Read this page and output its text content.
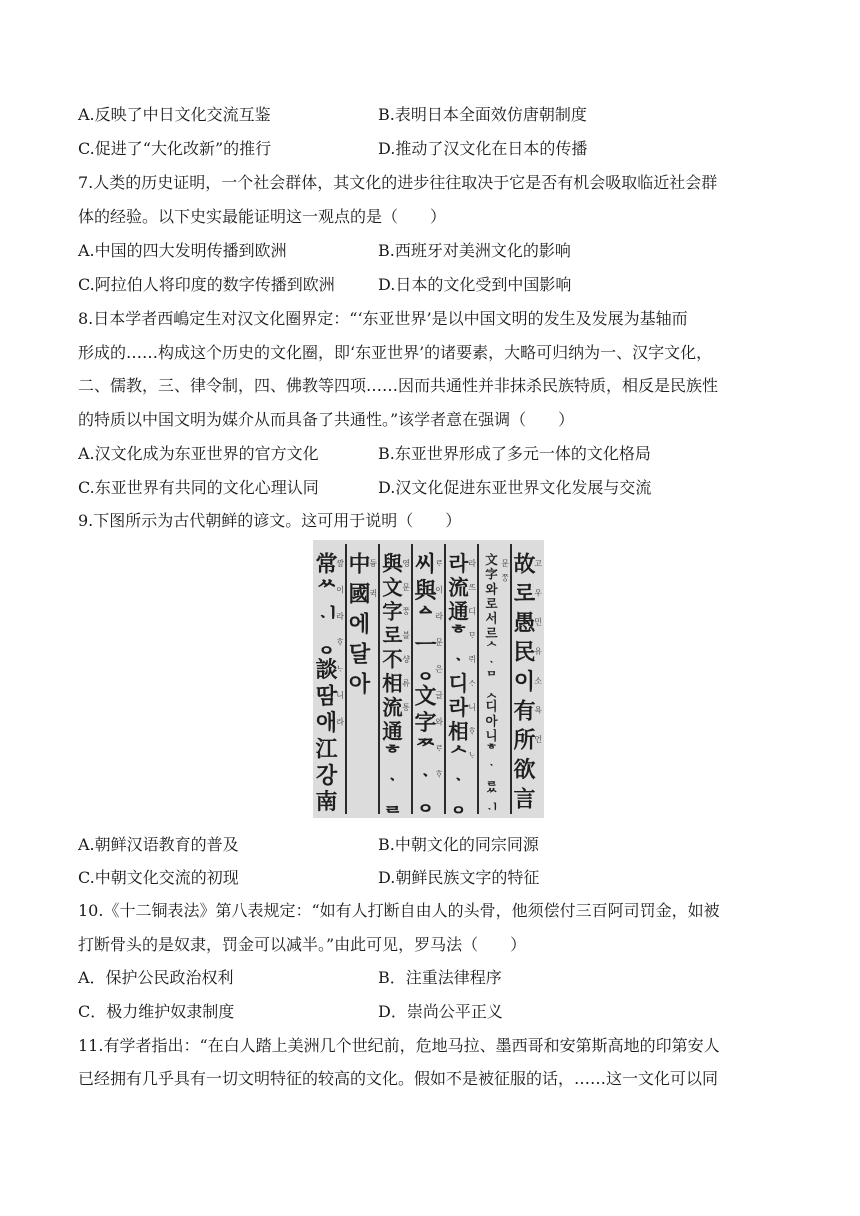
A.反映了中日文化交流互鉴	B.表明日本全面效仿唐朝制度
C.促进了“大化改新”的推行	D.推动了汉文化在日本的传播
7.人类的历史证明，一个社会群体，其文化的进步往往取决于它是否有机会吸取临近社会群
体的经验。以下史实最能证明这一观点的是（　　）
A.中国的四大发明传播到欧洲	B.西班牙对美洲文化的影响
C.阿拉伯人将印度的数字传播到欧洲	D.日本的文化受到中国影响
8.日本学者西嶋定生对汉文化圈界定：“‘东亚世界’是以中国文明的发生及发展为基轴而
形成的……构成这个历史的文化圈，即‘东亚世界’的诸要素，大略可归纳为一、汉字文化，
二、儒教，三、律令制，四、佛教等四项……因而共通性并非抹杀民族特质，相反是民族性
的特质以中国文明为媒介从而具备了共通性。”该学者意在强调（　　）
A.汉文化成为东亚世界的官方文化	B.东亚世界形成了多元一体的文化格局
C.东亚世界有共同的文化心理认同	D.汉文化促进东亚世界文化发展与交流
9.下图所示为古代朝鲜的谚文。这可用于说明（　　）
故
로
愚
民
이
有
所
欲
言
고
우
민
유
소
욕
언
文
字
와
로
서
르
ᄉ
ᆞ
ᄆ
ᆺ
디
아
니
ᄒ
ᆞ
ᆯ
ᄊ
ᆡ
문
ᄍᆞᆼ
라
流
通
ᄒ
ᆞ
디
라
相
ᄉ
ᆞ
ᆼ
라
ᄯᅳ
디
ᄆᆞ
ᄅᆡ
ᄉᆞ
니
ᄒᆞ
ᄂᆞ
씨
與
ᅀ
ᅳ
ᆼ
文
字
ᄍ
ᆞ
ᆼ
ᄅᆞ
이
라
문
은
글
와
ᄅᆞ
ᄒᆞ
與
文
字
로
不
相
流
通
ᄒ
ᆞ
ᆯ
영
문
ᄍᆞᆼ
블
샹
류
통
中
國
에
달
아
듕
귁
常
ᄊ
ᆡ
ᆼ
談
땀
애
江
강
南
ᄭᅡᆷ
이
라
ᄒᆞ
ᄂᆞ
니
라
A.朝鲜汉语教育的普及	B.中朝文化的同宗同源
C.中朝文化交流的初现	D.朝鲜民族文字的特征
10.《十二铜表法》第八表规定：“如有人打断自由人的头骨，他须偿付三百阿司罚金，如被
打断骨头的是奴隶，罚金可以减半。”由此可见，罗马法（　　）
A．保护公民政治权利	B．注重法律程序
C．极力维护奴隶制度	D．崇尚公平正义
11.有学者指出：“在白人踏上美洲几个世纪前，危地马拉、墨西哥和安第斯高地的印第安人
已经拥有几乎具有一切文明特征的较高的文化。假如不是被征服的话，……这一文化可以同
